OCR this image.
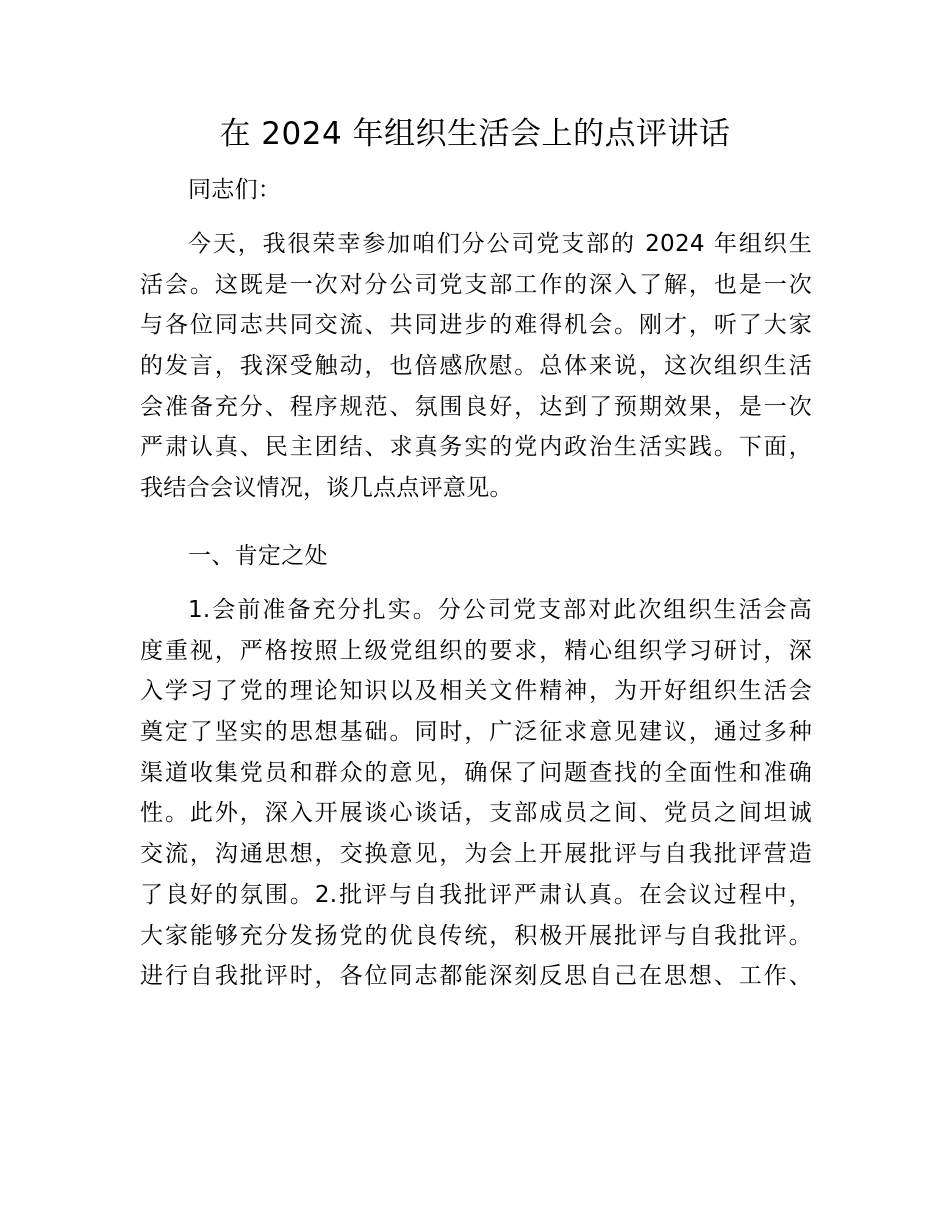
在 2024 年组织生活会上的点评讲话
同志们：
今天，我很荣幸参加咱们分公司党支部的 2024 年组织生
活会。这既是一次对分公司党支部工作的深入了解，也是一次
与各位同志共同交流、共同进步的难得机会。刚才，听了大家
的发言，我深受触动，也倍感欣慰。总体来说，这次组织生活
会准备充分、程序规范、氛围良好，达到了预期效果，是一次
严肃认真、民主团结、求真务实的党内政治生活实践。下面，
我结合会议情况，谈几点点评意见。
一、肯定之处
1.会前准备充分扎实。分公司党支部对此次组织生活会高
度重视，严格按照上级党组织的要求，精心组织学习研讨，深
入学习了党的理论知识以及相关文件精神，为开好组织生活会
奠定了坚实的思想基础。同时，广泛征求意见建议，通过多种
渠道收集党员和群众的意见，确保了问题查找的全面性和准确
性。此外，深入开展谈心谈话，支部成员之间、党员之间坦诚
交流，沟通思想，交换意见，为会上开展批评与自我批评营造
了良好的氛围。2.批评与自我批评严肃认真。在会议过程中，
大家能够充分发扬党的优良传统，积极开展批评与自我批评。
进行自我批评时，各位同志都能深刻反思自己在思想、工作、
